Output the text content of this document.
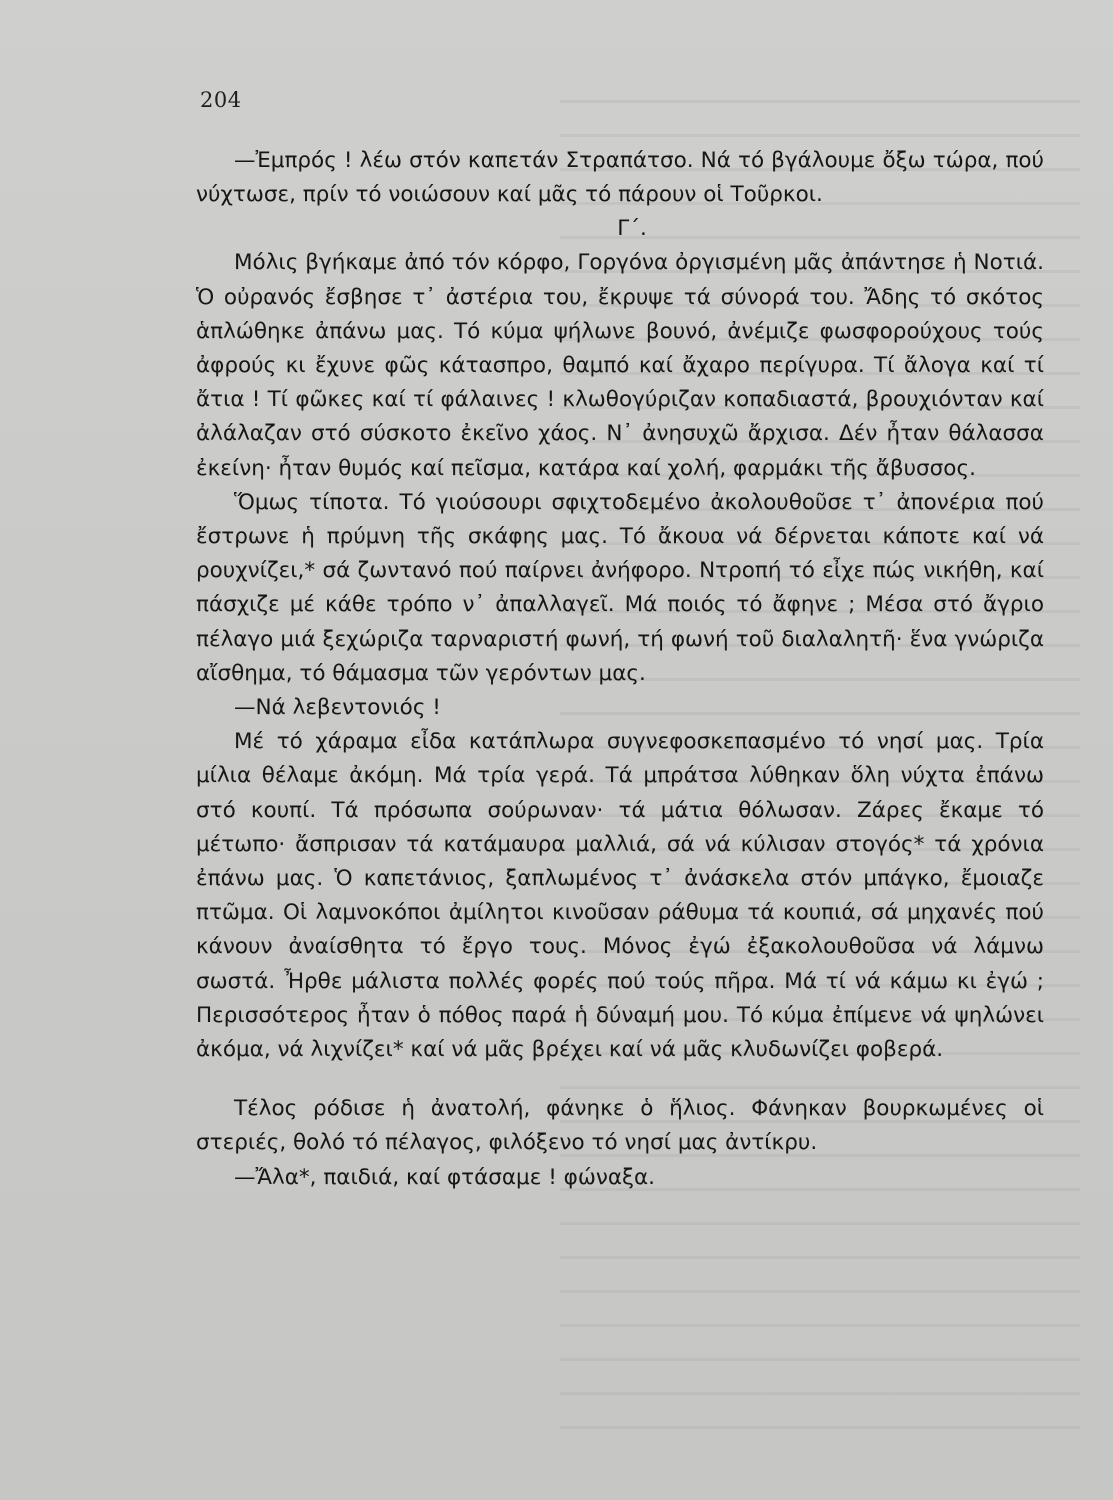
204

—Ἐμπρός ! λέω στόν καπετάν Στραπάτσο. Νά τό βγάλουμε ὄξω τώρα, πού νύχτωσε, πρίν τό νοιώσουν καί μᾶς τό πάρουν οἱ Τοῦρκοι.

Γ΄.

Μόλις βγήκαμε ἀπό τόν κόρφο, Γοργόνα ὀργισμένη μᾶς ἀπάντησε ἡ Νοτιά. Ὁ οὐρανός ἔσβησε τ᾽ ἀστέρια του, ἔκρυψε τά σύνορά του. Ἄδης τό σκότος ἁπλώθηκε ἀπάνω μας. Τό κύμα ψήλωνε βουνό, ἀνέμιζε φωσφορούχους τούς ἀφρούς κι ἔχυνε φῶς κάτασπρο, θαμπό καί ἄχαρο περίγυρα. Τί ἄλογα καί τί ἄτια ! Τί φῶκες καί τί φάλαινες ! κλωθογύριζαν κοπαδιαστά, βρουχιόνταν καί ἀλάλαζαν στό σύσκοτο ἐκεῖνο χάος. Ν᾽ ἀνησυχῶ ἄρχισα. Δέν ἦταν θάλασσα ἐκείνη· ἦταν θυμός καί πεῖσμα, κατάρα καί χολή, φαρμάκι τῆς ἄβυσσος.

Ὅμως τίποτα. Τό γιούσουρι σφιχτοδεμένο ἀκολουθοῦσε τ᾽ ἀπονέρια πού ἔστρωνε ἡ πρύμνη τῆς σκάφης μας. Τό ἄκουα νά δέρνεται κάποτε καί νά ρουχνίζει,* σά ζωντανό πού παίρνει ἀνήφορο. Ντροπή τό εἶχε πώς νικήθη, καί πάσχιζε μέ κάθε τρόπο ν᾽ ἀπαλλαγεῖ. Μά ποιός τό ἄφηνε ; Μέσα στό ἄγριο πέλαγο μιά ξεχώριζα ταρναριστή φωνή, τή φωνή τοῦ διαλαλητῆ· ἕνα γνώριζα αἴσθημα, τό θάμασμα τῶν γερόντων μας.

—Νά λεβεντονιός !

Μέ τό χάραμα εἶδα κατάπλωρα συγνεφοσκεπασμένο τό νησί μας. Τρία μίλια θέλαμε ἀκόμη. Μά τρία γερά. Τά μπράτσα λύθηκαν ὅλη νύχτα ἐπάνω στό κουπί. Τά πρόσωπα σούρωναν· τά μάτια θόλωσαν. Ζάρες ἔκαμε τό μέτωπο· ἄσπρισαν τά κατάμαυρα μαλλιά, σά νά κύλισαν στογός* τά χρόνια ἐπάνω μας. Ὁ καπετάνιος, ξαπλωμένος τ᾽ ἀνάσκελα στόν μπάγκο, ἔμοιαζε πτῶμα. Οἱ λαμνοκόποι ἀμίλητοι κινοῦσαν ράθυμα τά κουπιά, σά μηχανές πού κάνουν ἀναίσθητα τό ἔργο τους. Μόνος ἐγώ ἐξακολουθοῦσα νά λάμνω σωστά. Ἦρθε μάλιστα πολλές φορές πού τούς πῆρα. Μά τί νά κάμω κι ἐγώ ; Περισσότερος ἦταν ὁ πόθος παρά ἡ δύναμή μου. Τό κύμα ἐπίμενε νά ψηλώνει ἀκόμα, νά λιχνίζει* καί νά μᾶς βρέχει καί νά μᾶς κλυδωνίζει φοβερά.

Τέλος ρόδισε ἡ ἀνατολή, φάνηκε ὁ ἥλιος. Φάνηκαν βουρκωμένες οἱ στεριές, θολό τό πέλαγος, φιλόξενο τό νησί μας ἀντίκρυ.

—Ἄλα*, παιδιά, καί φτάσαμε ! φώναξα.
